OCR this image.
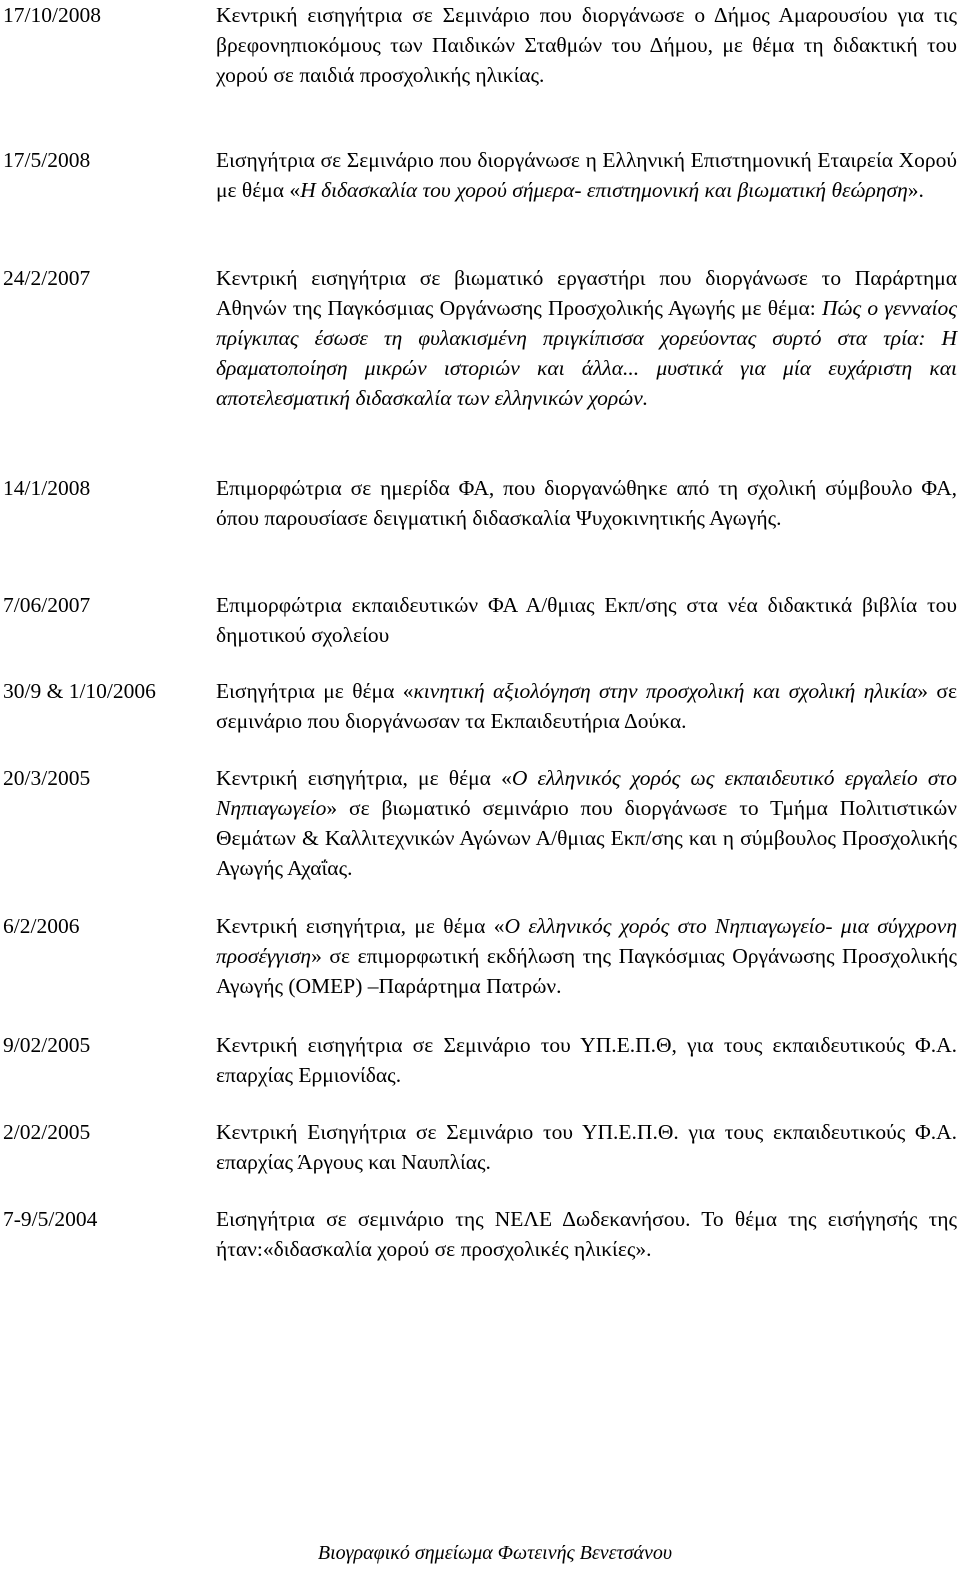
17/10/2008	Κεντρική εισηγήτρια σε Σεμινάριο που διοργάνωσε ο Δήμος Αμαρουσίου για τις βρεφονηπιοκόμους των Παιδικών Σταθμών του Δήμου, με θέμα τη διδακτική του χορού σε παιδιά προσχολικής ηλικίας.
17/5/2008	Εισηγήτρια σε Σεμινάριο που διοργάνωσε η Ελληνική Επιστημονική Εταιρεία Χορού με θέμα «Η διδασκαλία του χορού σήμερα- επιστημονική και βιωματική θεώρηση».
24/2/2007	Κεντρική εισηγήτρια σε βιωματικό εργαστήρι που διοργάνωσε το Παράρτημα Αθηνών της Παγκόσμιας Οργάνωσης Προσχολικής Αγωγής με θέμα: Πώς ο γενναίος πρίγκιπας έσωσε τη φυλακισμένη πριγκίπισσα χορεύοντας συρτό στα τρία: Η δραματοποίηση μικρών ιστοριών και άλλα... μυστικά για μία ευχάριστη και αποτελεσματική διδασκαλία των ελληνικών χορών.
14/1/2008	Επιμορφώτρια σε ημερίδα ΦΑ, που διοργανώθηκε από τη σχολική σύμβουλο ΦΑ, όπου παρουσίασε δειγματική διδασκαλία Ψυχοκινητικής Αγωγής.
7/06/2007	Επιμορφώτρια εκπαιδευτικών ΦΑ Α/θμιας Εκπ/σης στα νέα διδακτικά βιβλία του δημοτικού σχολείου
30/9 & 1/10/2006	Εισηγήτρια με θέμα «κινητική αξιολόγηση στην προσχολική και σχολική ηλικία» σε σεμινάριο που διοργάνωσαν τα Εκπαιδευτήρια Δούκα.
20/3/2005	Κεντρική εισηγήτρια, με θέμα «Ο ελληνικός χορός ως εκπαιδευτικό εργαλείο στο Νηπιαγωγείο» σε βιωματικό σεμινάριο που διοργάνωσε το Τμήμα Πολιτιστικών Θεμάτων & Καλλιτεχνικών Αγώνων Α/θμιας Εκπ/σης και η σύμβουλος Προσχολικής Αγωγής Αχαΐας.
6/2/2006	Κεντρική εισηγήτρια, με θέμα «Ο ελληνικός χορός στο Νηπιαγωγείο- μια σύγχρονη προσέγγιση» σε επιμορφωτική εκδήλωση της Παγκόσμιας Οργάνωσης Προσχολικής Αγωγής (ΟΜΕΡ) –Παράρτημα Πατρών.
9/02/2005	Κεντρική εισηγήτρια σε Σεμινάριο του ΥΠ.Ε.Π.Θ, για τους εκπαιδευτικούς Φ.Α. επαρχίας Ερμιονίδας.
2/02/2005	Κεντρική Εισηγήτρια σε Σεμινάριο του ΥΠ.Ε.Π.Θ. για τους εκπαιδευτικούς Φ.Α. επαρχίας Άργους και Ναυπλίας.
7-9/5/2004	Εισηγήτρια σε σεμινάριο της ΝΕΛΕ Δωδεκανήσου. Το θέμα της εισήγησής της ήταν:«διδασκαλία χορού σε προσχολικές ηλικίες».
Βιογραφικό σημείωμα Φωτεινής Βενετσάνου
